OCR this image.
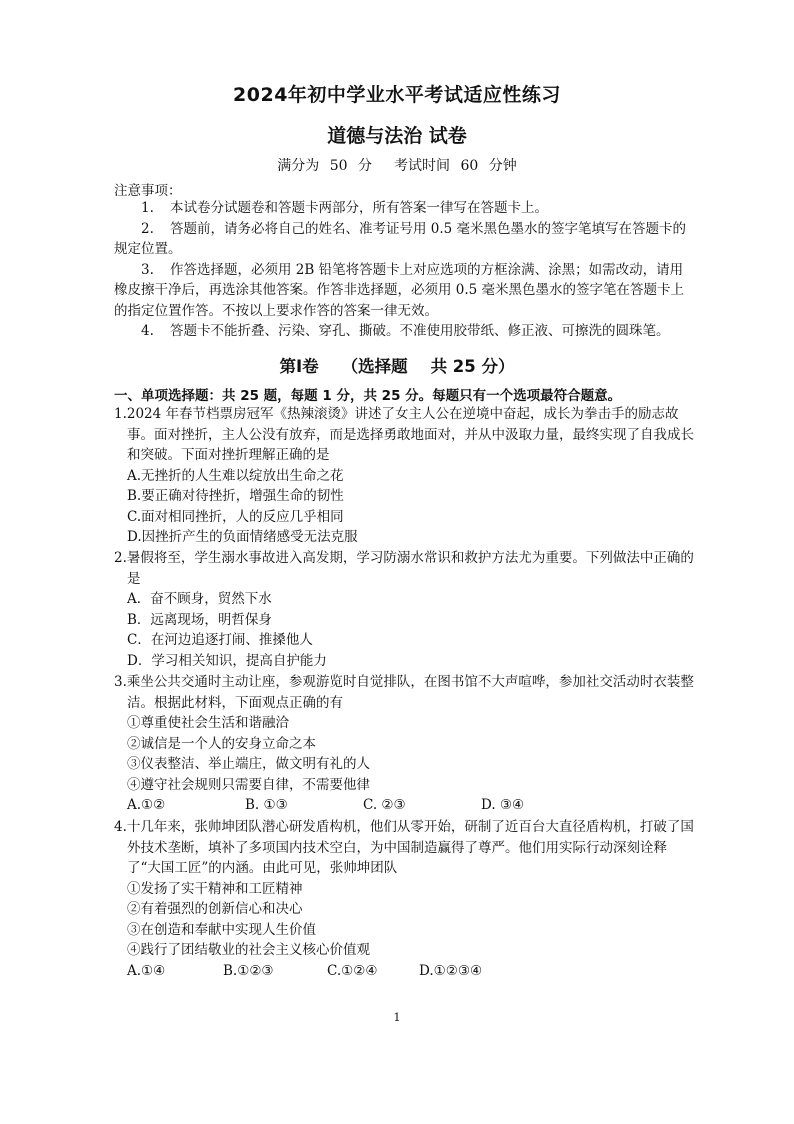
2024年初中学业水平考试适应性练习
道德与法治 试卷
满分为 50 分 考试时间 60 分钟
注意事项：

1. 本试卷分试题卷和答题卡两部分，所有答案一律写在答题卡上。

2. 答题前，请务必将自己的姓名、准考证号用 0.5 毫米黑色墨水的签字笔填写在答题卡的规定位置。

3. 作答选择题，必须用 2B 铅笔将答题卡上对应选项的方框涂满、涂黑；如需改动，请用橡皮擦干净后，再选涂其他答案。作答非选择题，必须用 0.5 毫米黑色墨水的签字笔在答题卡上的指定位置作答。不按以上要求作答的答案一律无效。

4. 答题卡不能折叠、污染、穿孔、撕破。不准使用胶带纸、修正液、可擦洗的圆珠笔。

第Ⅰ卷    （选择题    共 25 分）
一、单项选择题：共 25 题，每题 1 分，共 25 分。每题只有一个选项最符合题意。

1.2024 年春节档票房冠军《热辣滚烫》讲述了女主人公在逆境中奋起，成长为拳击手的励志故事。面对挫折，主人公没有放弃，而是选择勇敢地面对，并从中汲取力量，最终实现了自我成长和突破。下面对挫折理解正确的是

A.无挫折的人生难以绽放出生命之花

B.要正确对待挫折，增强生命的韧性

C.面对相同挫折，人的反应几乎相同

D.因挫折产生的负面情绪感受无法克服

2.暑假将至，学生溺水事故进入高发期，学习防溺水常识和救护方法尤为重要。下列做法中正确的是

A．奋不顾身，贸然下水

B．远离现场，明哲保身

C．在河边追逐打闹、推搡他人

D．学习相关知识，提高自护能力

3.乘坐公共交通时主动让座，参观游览时自觉排队，在图书馆不大声喧哗，参加社交活动时衣装整洁。根据此材料，下面观点正确的有

①尊重使社会生活和谐融洽

②诚信是一个人的安身立命之本

③仪表整洁、举止端庄，做文明有礼的人

④遵守社会规则只需要自律，不需要他律

A.①②	B. ①③	C. ②③	D. ③④

4.十几年来，张帅坤团队潜心研发盾构机，他们从零开始，研制了近百台大直径盾构机，打破了国外技术垄断，填补了多项国内技术空白，为中国制造赢得了尊严。他们用实际行动深刻诠释了“大国工匠”的内涵。由此可见，张帅坤团队

①发扬了实干精神和工匠精神

②有着强烈的创新信心和决心

③在创造和奉献中实现人生价值

④践行了团结敬业的社会主义核心价值观

A.①④	B.①②③	C.①②④	D.①②③④

1
